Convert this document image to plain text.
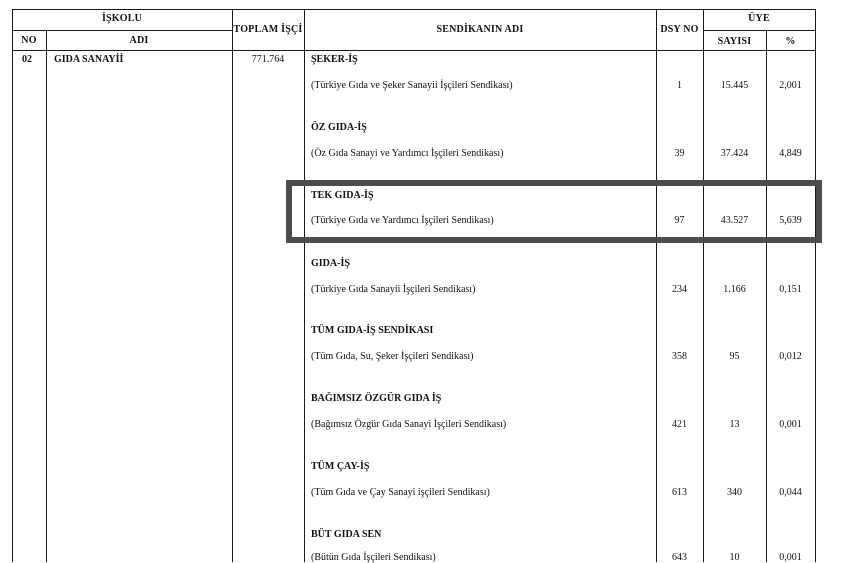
İŞKOLU
NO	ADI
TOPLAM İŞÇİ	SENDİKANIN ADI	DSY NO
ÜYE
SAYISI	%
02 GIDA SANAYİİ	771.764	ŞEKER-İŞ
(Türkiye Gıda ve Şeker Sanayii İşçileri Sendikası)	1	15.445	2,001
ÖZ GIDA-İŞ
(Öz Gıda Sanayi ve Yardımcı İşçileri Sendikası)	39	37.424	4,849
TEK GIDA-İŞ
(Türkiye Gıda ve Yardımcı İşçileri Sendikası)	97	43.527	5,639
GIDA-İŞ
(Türkiye Gıda Sanayii İşçileri Sendikası)	234	1.166	0,151
TÜM GIDA-İŞ SENDİKASI
(Tüm Gıda, Su, Şeker İşçileri Sendikası)	358	95	0,012
BAĞIMSIZ ÖZGÜR GIDA İŞ
(Bağımsız Özgür Gıda Sanayi İşçileri Sendikası)	421	13	0,001
TÜM ÇAY-İŞ
(Tüm Gıda ve Çay Sanayi işçileri Sendikası)	613	340	0,044
BÜT GIDA SEN
(Bütün Gıda İşçileri Sendikası)	643	10	0,001
